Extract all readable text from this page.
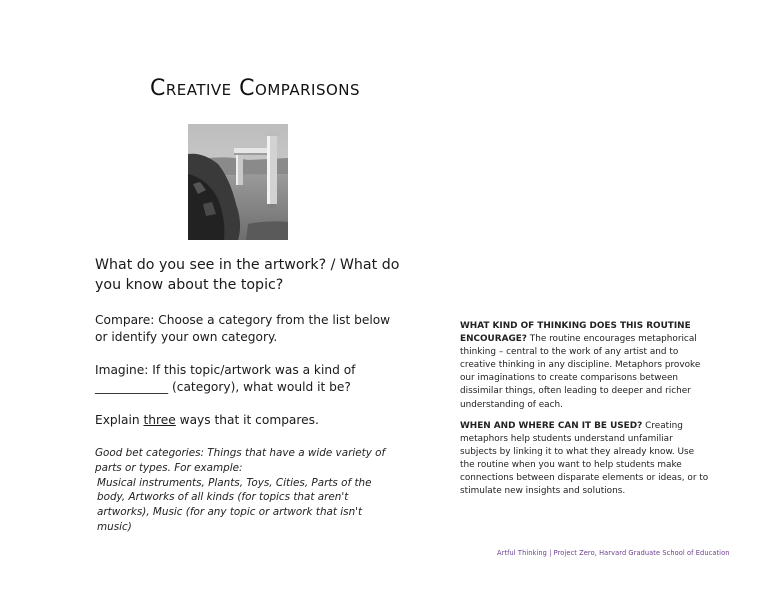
Creative Comparisons
What do you see in the artwork? / What do you know about the topic?
Compare: Choose a category from the list below or identify your own category.
Imagine: If this topic/artwork was a kind of ____________ (category), what would it be?
Explain three ways that it compares.

Good bet categories: Things that have a wide variety of parts or types. For example:

Musical instruments, Plants, Toys, Cities, Parts of the body, Artworks of all kinds (for topics that aren't artworks), Music (for any topic or artwork that isn't music)

WHAT KIND OF THINKING DOES THIS ROUTINE ENCOURAGE? The routine encourages metaphorical thinking – central to the work of any artist and to creative thinking in any discipline. Metaphors provoke our imaginations to create comparisons between dissimilar things, often leading to deeper and richer understanding of each.

WHEN AND WHERE CAN IT BE USED? Creating metaphors help students understand unfamiliar subjects by linking it to what they already know. Use the routine when you want to help students make connections between disparate elements or ideas, or to stimulate new insights and solutions.

Artful Thinking | Project Zero, Harvard Graduate School of Education
